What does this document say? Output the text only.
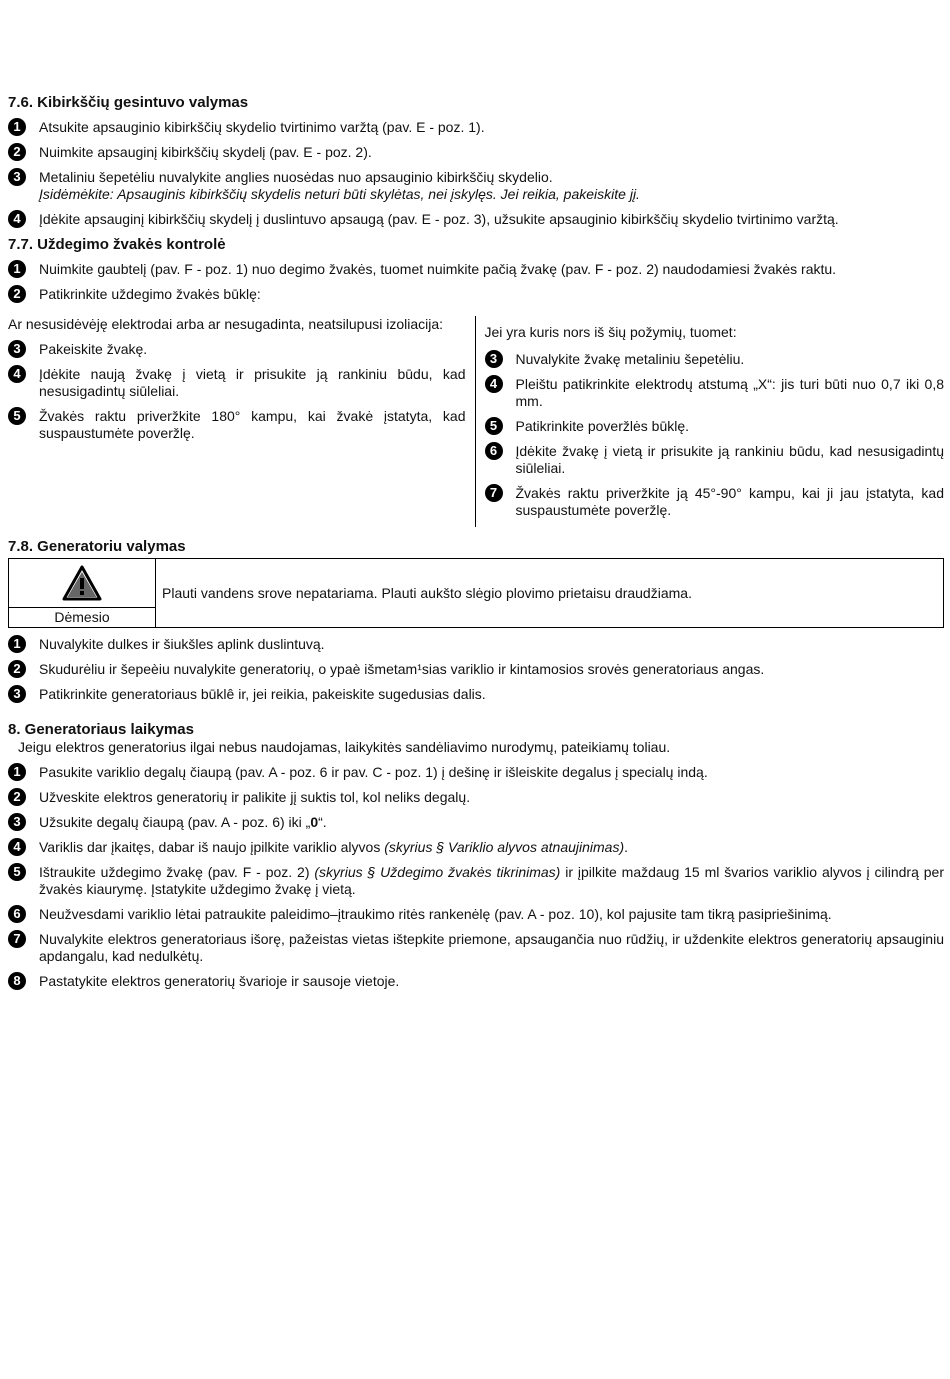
7.6. Kibirkščių gesintuvo valymas
1	Atsukite apsauginio kibirkščių skydelio tvirtinimo varžtą (pav. E - poz. 1).
2	Nuimkite apsauginį kibirkščių skydelį (pav. E - poz. 2).
3	Metaliniu šepetėliu nuvalykite anglies nuosėdas nuo apsauginio kibirkščių skydelio.
Įsidėmėkite: Apsauginis kibirkščių skydelis neturi būti skylėtas, nei įskylęs. Jei reikia, pakeiskite jį.
4	Įdėkite apsauginį kibirkščių skydelį į duslintuvo apsaugą (pav. E - poz. 3), užsukite apsauginio kibirkščių skydelio tvirtinimo varžtą.
7.7. Uždegimo žvakės kontrolė
1	Nuimkite gaubtelį (pav. F - poz. 1) nuo degimo žvakės, tuomet nuimkite pačią žvakę (pav. F - poz. 2) naudodamiesi žvakės raktu.
2	Patikrinkite uždegimo žvakės būklę:

Ar nesusidėvėję elektrodai arba ar nesugadinta, neatsilupusi izoliacija:

3	Pakeiskite žvakę.
4	Įdėkite naują žvakę į vietą ir prisukite ją rankiniu būdu, kad nesusigadintų siūleliai.
5	Žvakės raktu priveržkite 180° kampu, kai žvakė įstatyta, kad suspaustumėte poveržlę.

Jei yra kuris nors iš šių požymių, tuomet:

3	Nuvalykite žvakę metaliniu šepetėliu.
4	Pleištu patikrinkite elektrodų atstumą „X“: jis turi būti nuo 0,7 iki 0,8 mm.
5	Patikrinkite poveržlės būklę.
6	Įdėkite žvakę į vietą ir prisukite ją rankiniu būdu, kad nesusigadintų siūleliai.
7	Žvakės raktu priveržkite ją 45°-90° kampu, kai ji jau įstatyta, kad suspaustumėte poveržlę.
7.8. Generatoriu valymas
Dėmesio
Plauti vandens srove nepatariama. Plauti aukšto slėgio plovimo prietaisu draudžiama.
1	Nuvalykite dulkes ir šiukšles aplink duslintuvą.
2	Skudurėliu ir šepeèiu nuvalykite generatorių, o ypaè išmetam¹sias variklio ir kintamosios srovės generatoriaus angas.
3	Patikrinkite generatoriaus būklê ir, jei reikia, pakeiskite sugedusias dalis.
8. Generatoriaus laikymas

Jeigu elektros generatorius ilgai nebus naudojamas, laikykitės sandėliavimo nurodymų, pateikiamų toliau.

1	Pasukite variklio degalų čiaupą (pav. A - poz. 6 ir pav. C - poz. 1) į dešinę ir išleiskite degalus į specialų indą.
2	Užveskite elektros generatorių ir palikite jį suktis tol, kol neliks degalų.
3	Užsukite degalų čiaupą (pav. A - poz. 6) iki „0“.
4	Variklis dar įkaitęs, dabar iš naujo įpilkite variklio alyvos (skyrius § Variklio alyvos atnaujinimas).
5	Ištraukite uždegimo žvakę (pav. F - poz. 2) (skyrius § Uždegimo žvakės tikrinimas) ir įpilkite maždaug 15 ml švarios variklio alyvos į cilindrą per žvakės kiaurymę. Įstatykite uždegimo žvakę į vietą.
6	Neužvesdami variklio lėtai patraukite paleidimo–įtraukimo ritės rankenėlę (pav. A - poz. 10), kol pajusite tam tikrą pasipriešinimą.
7	Nuvalykite elektros generatoriaus išorę, pažeistas vietas ištepkite priemone, apsaugančia nuo rūdžių, ir uždenkite elektros generatorių apsauginiu apdangalu, kad nedulkėtų.
8	Pastatykite elektros generatorių švarioje ir sausoje vietoje.
